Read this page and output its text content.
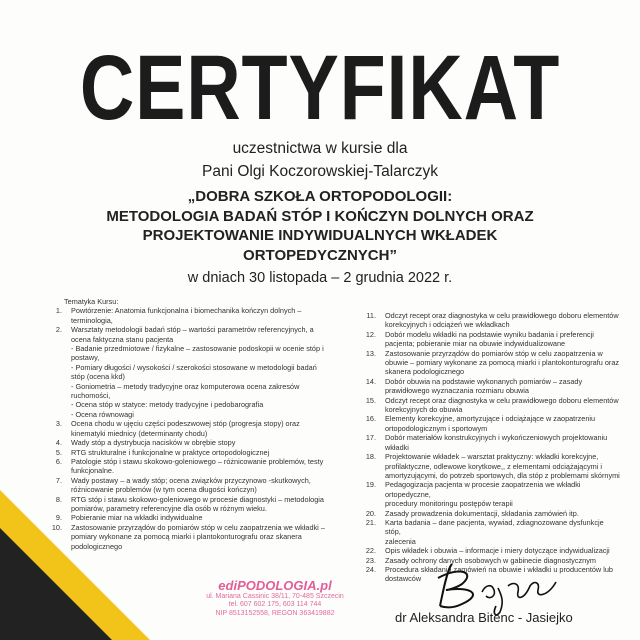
CERTYFIKAT
uczestnictwa w kursie dla
Pani Olgi Koczorowskiej-Talarczyk
„DOBRA SZKOŁA ORTOPODOLOGII:
METODOLOGIA BADAŃ STÓP I KOŃCZYN DOLNYCH ORAZ
PROJEKTOWANIE INDYWIDUALNYCH WKŁADEK
ORTOPEDYCZNYCH”
w dniach 30 listopada – 2 grudnia 2022 r.
Tematyka Kursu:
1.	Powtórzenie: Anatomia funkcjonalna i biomechanika kończyn dolnych –
terminologia,
2.	Warsztaty metodologii badań stóp – wartości parametrów referencyjnych, a
ocena faktyczna stanu pacjenta
- Badanie przedmiotowe / fizykalne – zastosowanie podoskopii w ocenie stóp i
postawy,
- Pomiary długości / wysokości / szerokości stosowane w metodologii badań
stóp (ocena kkd)
- Goniometria – metody tradycyjne oraz komputerowa ocena zakresów
ruchomości,
- Ocena stóp w statyce: metody tradycyjne i pedobarografia
- Ocena równowagi
3.	Ocena chodu w ujęciu części podeszwowej stóp (progresja stopy) oraz
kinematyki miednicy (determinanty chodu)
4.	Wady stóp a dystrybucja nacisków w obrębie stopy
5.	RTG strukturalne i funkcjonalne w praktyce ortopodologicznej
6.	Patologie stóp i stawu skokowo-goleniowego – różnicowanie problemów, testy
funkcjonalne.
7.	Wady postawy – a wady stóp; ocena związków przyczynowo -skutkowych,
różnicowanie problemów (w tym ocena długości kończyn)
8.	RTG stóp i stawu skokowo-goleniowego w procesie diagnostyki – metodologia
pomiarów, parametry referencyjne dla osób w różnym wieku.
9.	Pobieranie miar na wkładki indywidualne
10.	Zastosowanie przyrządów do pomiarów stóp w celu zaopatrzenia we wkładki –
pomiary wykonane za pomocą miarki i plantokonturografu oraz skanera
podologicznego
11.	Odczyt recept oraz diagnostyka w celu prawidłowego doboru elementów
korekcyjnych i odciążeń we wkładkach
12.	Dobór modelu wkładki na podstawie wyniku badania i preferencji
pacjenta; pobieranie miar na obuwie indywidualizowane
13.	Zastosowanie przyrządów do pomiarów stóp w celu zaopatrzenia w
obuwie – pomiary wykonane za pomocą miarki i plantokonturografu oraz
skanera podologicznego
14.	Dobór obuwia na podstawie wykonanych pomiarów – zasady
prawidłowego wyznaczania rozmiaru obuwia
15.	Odczyt recept oraz diagnostyka w celu prawidłowego doboru elementów
korekcyjnych do obuwia
16.	Elementy korekcyjne, amortyzujące i odciążające w zaopatrzeniu
ortopodologicznym i sportowym
17.	Dobór materiałów konstrukcyjnych i wykończeniowych projektowaniu
wkładki
18.	Projektowanie wkładek – warsztat praktyczny: wkładki korekcyjne,
profilaktyczne, odlewowe korytkowe,, z elementami odciążającymi i
amortyzującymi, do potrzeb sportowych, dla stóp z problemami skórnymi
19.	Pedagogizacja pacjenta w procesie zaopatrzenia we wkładki ortopedyczne,
procedury monitoringu postępów terapii
20.	Zasady prowadzenia dokumentacji, składania zamówień itp.
21.	Karta badania – dane pacjenta, wywiad, zdiagnozowane dysfunkcje stóp,
zalecenia
22.	Opis wkładek i obuwia – informacje i miery dotyczące indywidualizacji
23.	Zasady ochrony danych osobowych w gabinecie diagnostycznym
24.	Procedura składania zamówień na obuwie i wkładki u producentów lub
dostawców
ediPODOLOGIA.pl
ul. Mariana Cassinic 38/11, 70-485 Szczecin
tel. 607 602 175, 603 114 744
NIP 8513152558, REGON 363419882	dr Aleksandra Bitenc - Jasiejko
